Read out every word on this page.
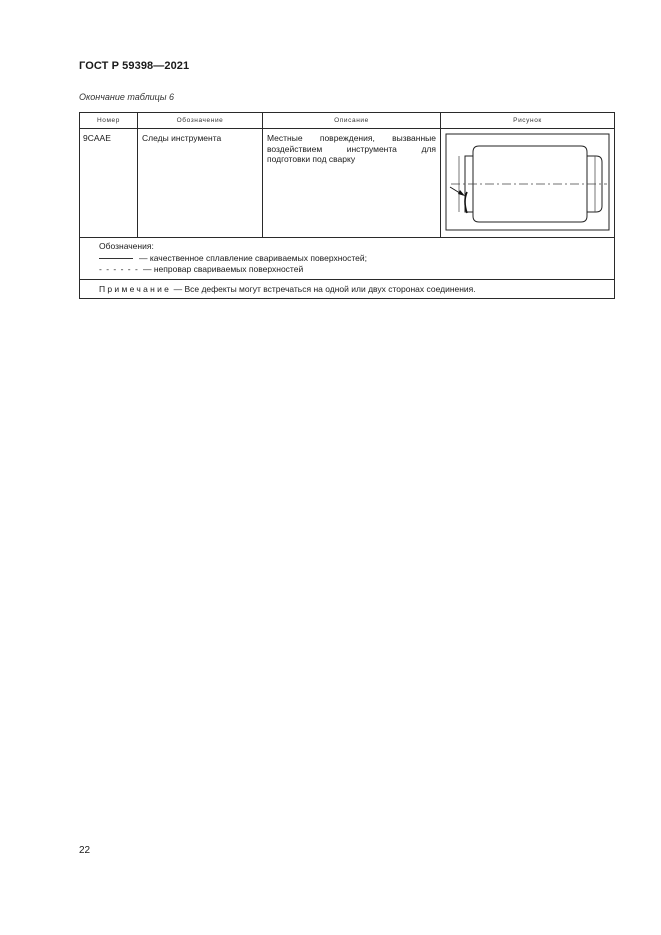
ГОСТ Р 59398—2021
Окончание таблицы 6
Номер	Обозначение	Описание	Рисунок
9CAAE	Следы инструмента	Местные повреждения, вызванные воздействием инструмента для подготовки под сварку	

Обозначения:
— качественное сплавление свариваемых поверхностей;
- - - - - - — непровар свариваемых поверхностей			

Примечание — Все дефекты могут встречаться на одной или двух сторонах соединения.			
22
